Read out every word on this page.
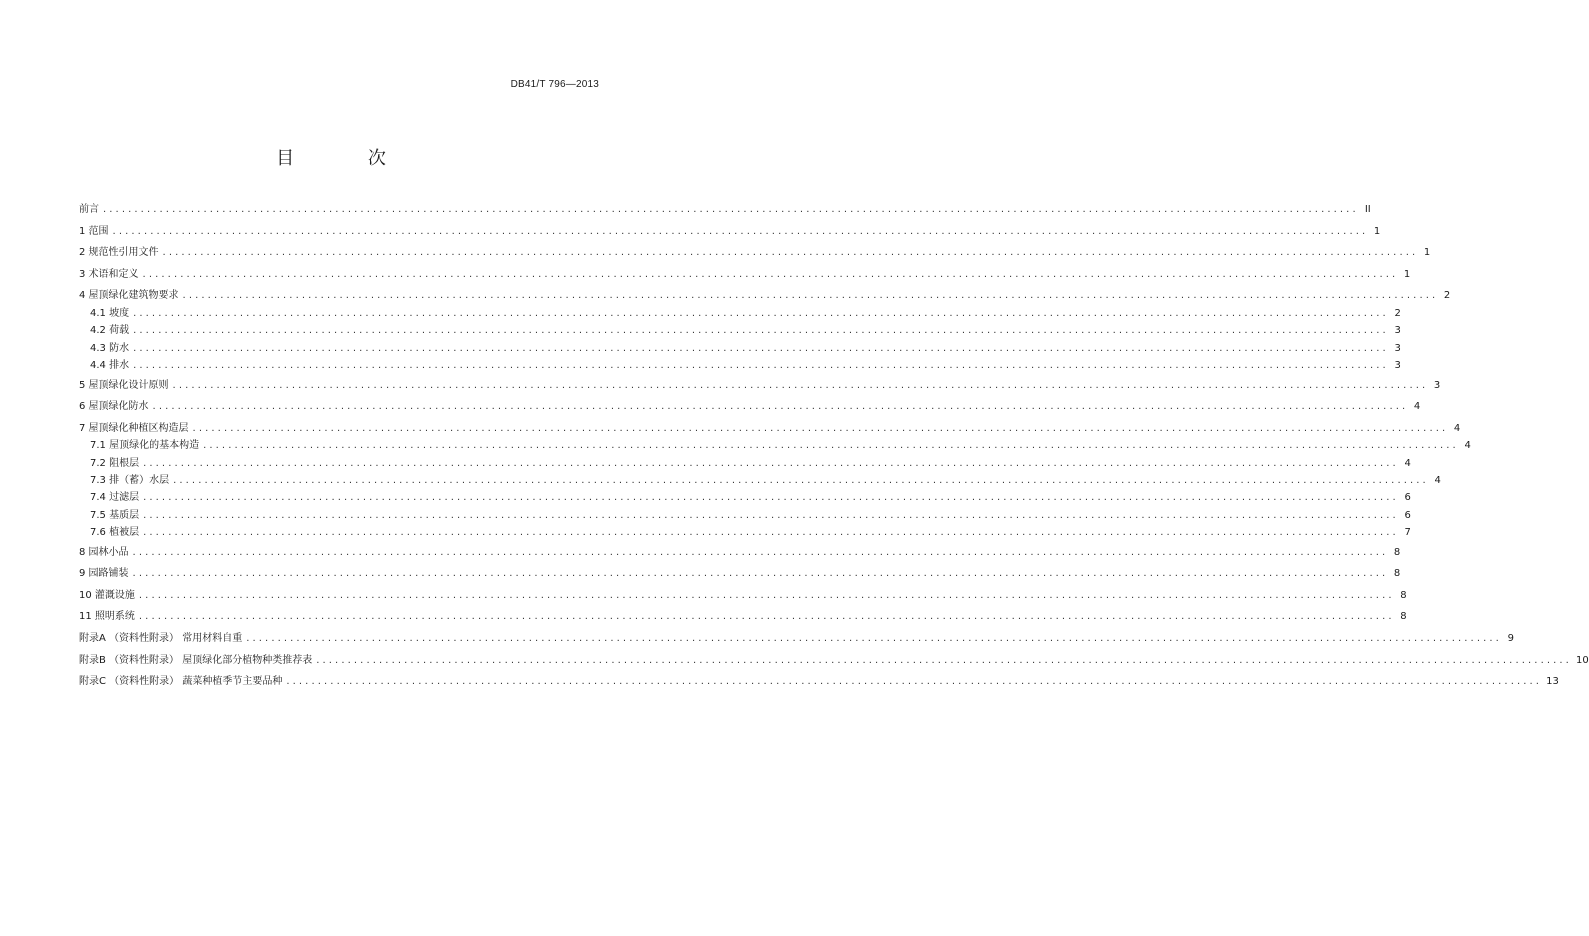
DB41/T 796—2013
目 次
前言 ........................................................................................................................................................................................................ II
1 范围 ........................................................................................................................................................................................................ 1
2 规范性引用文件 ........................................................................................................................................................................................................ 1
3 术语和定义 ........................................................................................................................................................................................................ 1
4 屋顶绿化建筑物要求 ........................................................................................................................................................................................................ 2
4.1 坡度 ........................................................................................................................................................................................................ 2
4.2 荷载 ........................................................................................................................................................................................................ 3
4.3 防水 ........................................................................................................................................................................................................ 3
4.4 排水 ........................................................................................................................................................................................................ 3
5 屋顶绿化设计原则 ........................................................................................................................................................................................................ 3
6 屋顶绿化防水 ........................................................................................................................................................................................................ 4
7 屋顶绿化种植区构造层 ........................................................................................................................................................................................................ 4
7.1 屋顶绿化的基本构造 ........................................................................................................................................................................................................ 4
7.2 阻根层 ........................................................................................................................................................................................................ 4
7.3 排（蓄）水层 ........................................................................................................................................................................................................ 4
7.4 过滤层 ........................................................................................................................................................................................................ 6
7.5 基质层 ........................................................................................................................................................................................................ 6
7.6 植被层 ........................................................................................................................................................................................................ 7
8 园林小品 ........................................................................................................................................................................................................ 8
9 园路铺装 ........................................................................................................................................................................................................ 8
10 灌溉设施 ........................................................................................................................................................................................................ 8
11 照明系统 ........................................................................................................................................................................................................ 8
附录A （资料性附录） 常用材料自重 ........................................................................................................................................................................................................ 9
附录B （资料性附录） 屋顶绿化部分植物种类推荐表 ........................................................................................................................................................................................................ 10
附录C （资料性附录） 蔬菜种植季节主要品种 ........................................................................................................................................................................................................ 13
